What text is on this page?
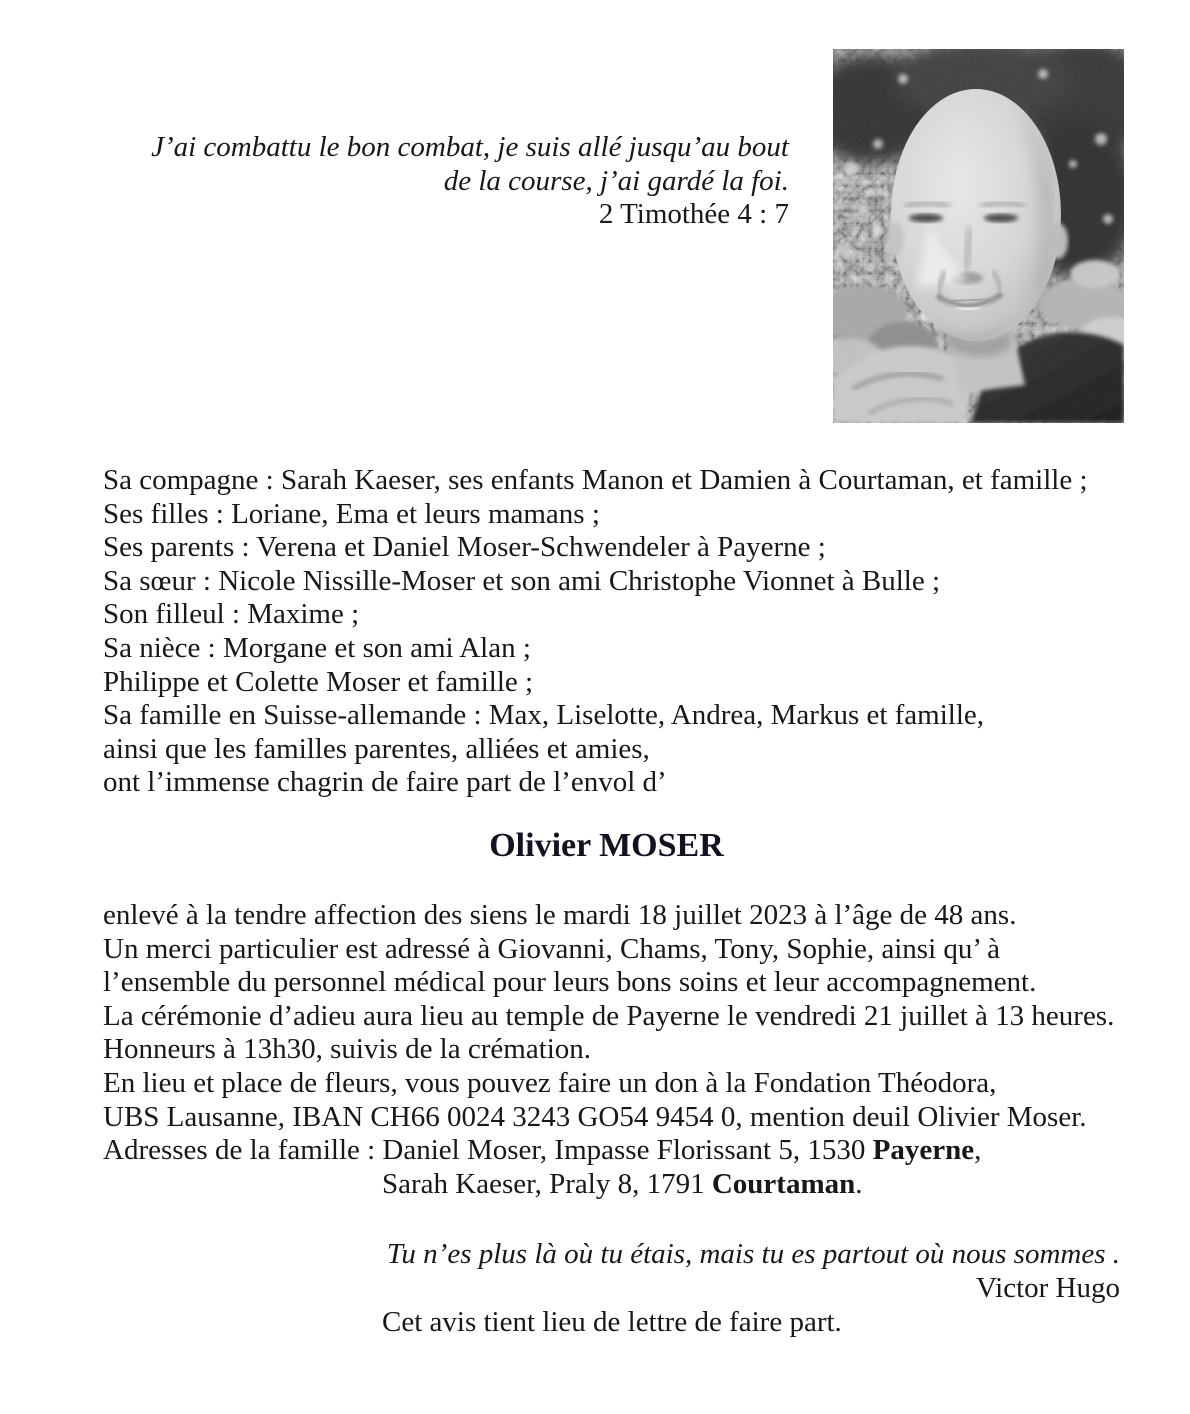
J’ai combattu le bon combat, je suis allé jusqu’au bout
de la course, j’ai gardé la foi.
2 Timothée 4 : 7
Sa compagne : Sarah Kaeser, ses enfants Manon et Damien à Courtaman, et famille ;
Ses filles : Loriane, Ema et leurs mamans ;
Ses parents : Verena et Daniel Moser-Schwendeler à Payerne ;
Sa sœur : Nicole Nissille-Moser et son ami Christophe Vionnet à Bulle ;
Son filleul : Maxime ;
Sa nièce : Morgane et son ami Alan ;
Philippe et Colette Moser et famille ;
Sa famille en Suisse-allemande : Max, Liselotte, Andrea, Markus et famille,
ainsi que les familles parentes, alliées et amies,
ont l’immense chagrin de faire part de l’envol d’
Olivier MOSER
enlevé à la tendre affection des siens le mardi 18 juillet 2023 à l’âge de 48 ans.
Un merci particulier est adressé à Giovanni, Chams, Tony, Sophie, ainsi qu’ à
l’ensemble du personnel médical pour leurs bons soins et leur accompagnement.
La cérémonie d’adieu aura lieu au temple de Payerne le vendredi 21 juillet à 13 heures.
Honneurs à 13h30, suivis de la crémation.
En lieu et place de fleurs, vous pouvez faire un don à la Fondation Théodora,
UBS Lausanne, IBAN CH66 0024 3243 GO54 9454 0, mention deuil Olivier Moser.
Adresses de la famille : Daniel Moser, Impasse Florissant 5, 1530 Payerne,
Sarah Kaeser, Praly 8, 1791 Courtaman.
Tu n’es plus là où tu étais, mais tu es partout où nous sommes .
Victor Hugo
Cet avis tient lieu de lettre de faire part.
